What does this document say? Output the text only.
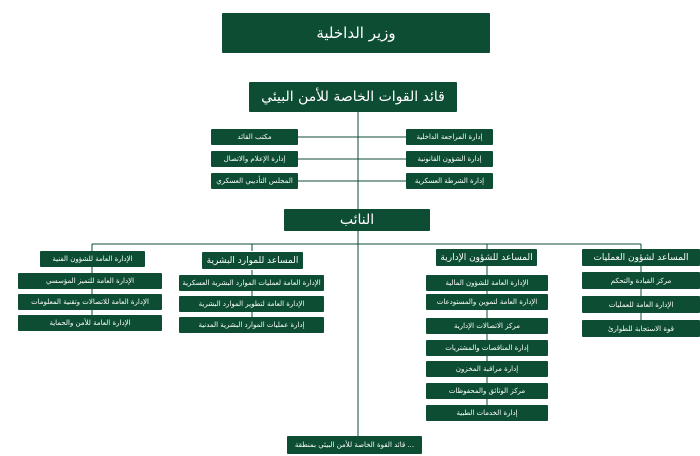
وزير الداخلية
قائد القوات الخاصة للأمن البيئي
مكتب القائد
إدارة الإعلام والاتصال
المجلس التأديبي العسكري
إدارة المراجعة الداخلية
إدارة الشؤون القانونية
إدارة الشرطة العسكرية
النائب
المساعد لشؤون العمليات
مركز القيادة والتحكم
الإدارة العامة للعمليات
قوة الاستجابة للطوارئ
المساعد للشؤون الإدارية
الإدارة العامة للشؤون المالية
الإدارة العامة لتموين والمستودعات
مركز الاتصالات الإدارية
إدارة المناقصات والمشتريات
إدارة مراقبة المخزون
مركز الوثائق والمحفوظات
إدارة الخدمات الطبية
المساعد للموارد البشرية
الإدارة العامة لعمليات الموارد البشرية العسكرية
الإدارة العامة لتطوير الموارد البشرية
إدارة عمليات الموارد البشرية المدنية
الإدارة العامة للشؤون الفنية
الإدارة العامة للتميز المؤسسي
الإدارة العامة للاتصالات وتقنية المعلومات
الإدارة العامة للأمن والحماية
قائد القوة الخاصة للأمن البيئي بمنطقة ...
